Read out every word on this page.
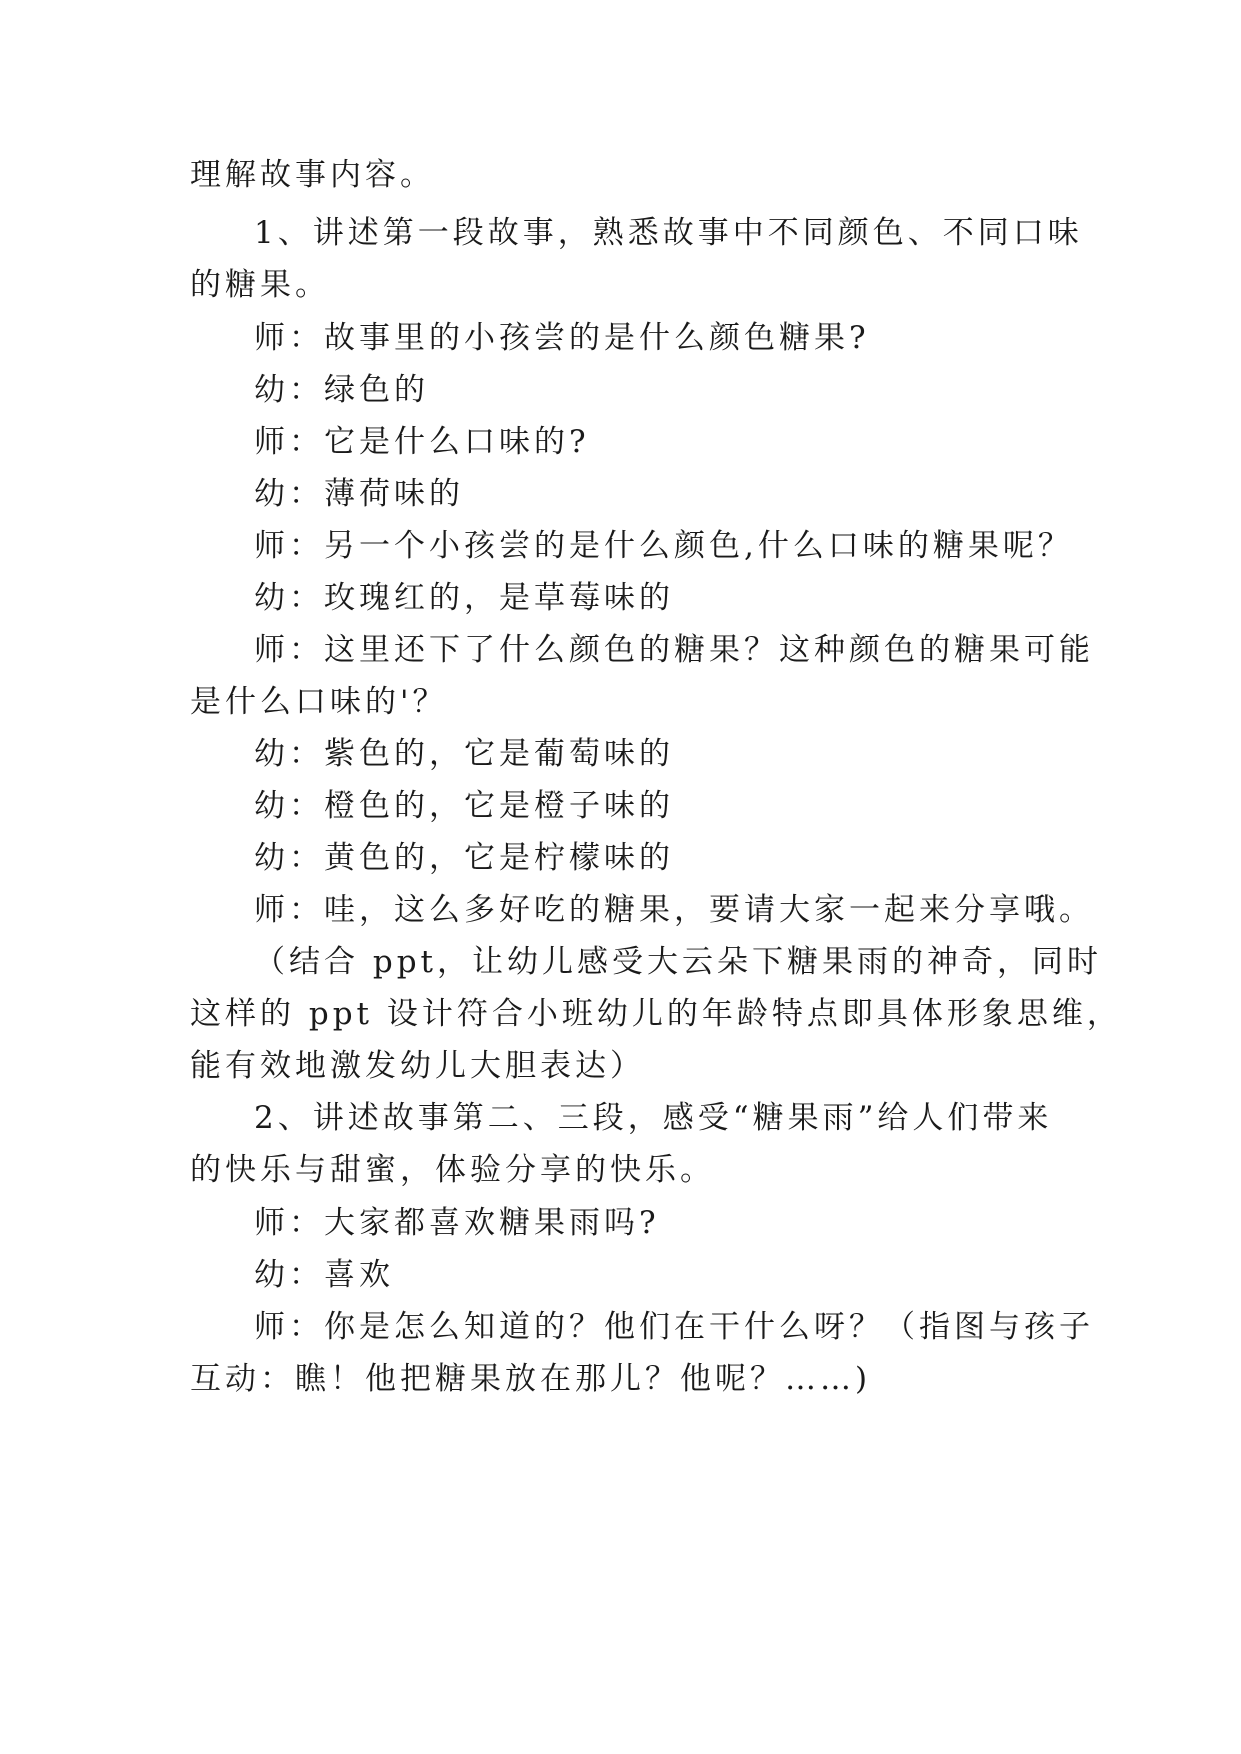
理解故事内容。
1、讲述第一段故事，熟悉故事中不同颜色、不同口味
的糖果。
师：故事里的小孩尝的是什么颜色糖果?
幼：绿色的
师：它是什么口味的?
幼：薄荷味的
师：另一个小孩尝的是什么颜色,什么口味的糖果呢？
幼：玫瑰红的，是草莓味的
师：这里还下了什么颜色的糖果？这种颜色的糖果可能
是什么口味的'？
幼：紫色的，它是葡萄味的
幼：橙色的，它是橙子味的
幼：黄色的，它是柠檬味的
师：哇，这么多好吃的糖果，要请大家一起来分享哦。
（结合 ppt，让幼儿感受大云朵下糖果雨的神奇，同时
这样的 ppt 设计符合小班幼儿的年龄特点即具体形象思维，
能有效地激发幼儿大胆表达）
2、讲述故事第二、三段，感受“糖果雨”给人们带来
的快乐与甜蜜，体验分享的快乐。
师：大家都喜欢糖果雨吗?
幼：喜欢
师：你是怎么知道的？他们在干什么呀？（指图与孩子
互动：瞧！他把糖果放在那儿？他呢？……)
